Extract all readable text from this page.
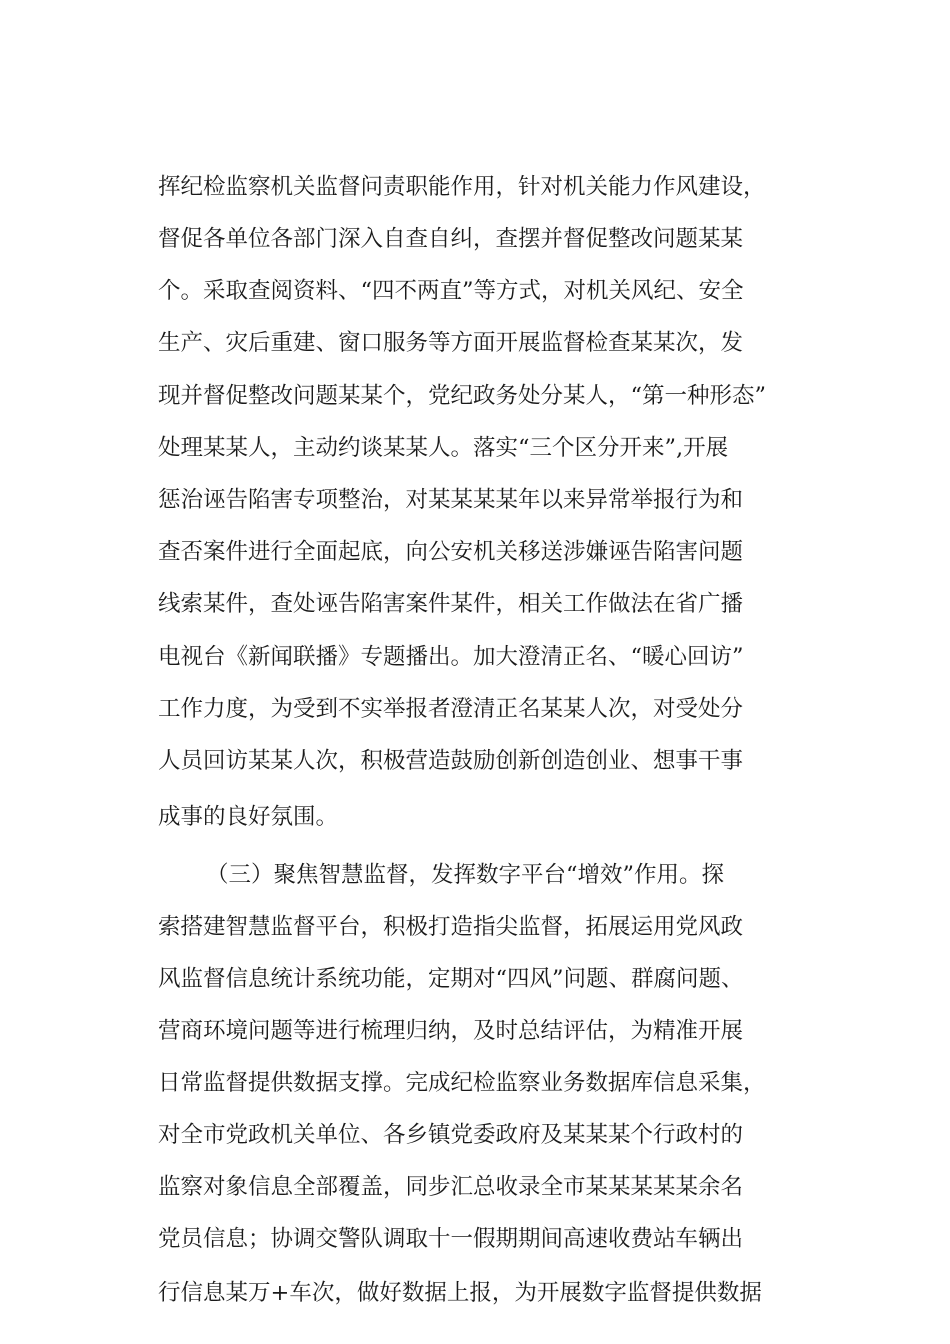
挥纪检监察机关监督问责职能作用，针对机关能力作风建设，
督促各单位各部门深入自查自纠，查摆并督促整改问题某某
个。采取查阅资料、“四不两直”等方式，对机关风纪、安全
生产、灾后重建、窗口服务等方面开展监督检查某某次，发
现并督促整改问题某某个，党纪政务处分某人，“第一种形态”
处理某某人，主动约谈某某人。落实“三个区分开来”,开展
惩治诬告陷害专项整治，对某某某某年以来异常举报行为和
查否案件进行全面起底，向公安机关移送涉嫌诬告陷害问题
线索某件，查处诬告陷害案件某件，相关工作做法在省广播
电视台《新闻联播》专题播出。加大澄清正名、“暖心回访”
工作力度，为受到不实举报者澄清正名某某人次，对受处分
人员回访某某人次，积极营造鼓励创新创造创业、想事干事
成事的良好氛围。
（三）聚焦智慧监督，发挥数字平台“增效”作用。探
索搭建智慧监督平台，积极打造指尖监督，拓展运用党风政
风监督信息统计系统功能，定期对“四风”问题、群腐问题、
营商环境问题等进行梳理归纳，及时总结评估，为精准开展
日常监督提供数据支撑。完成纪检监察业务数据库信息采集，
对全市党政机关单位、各乡镇党委政府及某某某个行政村的
监察对象信息全部覆盖，同步汇总收录全市某某某某某余名
党员信息；协调交警队调取十一假期期间高速收费站车辆出
行信息某万+车次，做好数据上报，为开展数字监督提供数据
